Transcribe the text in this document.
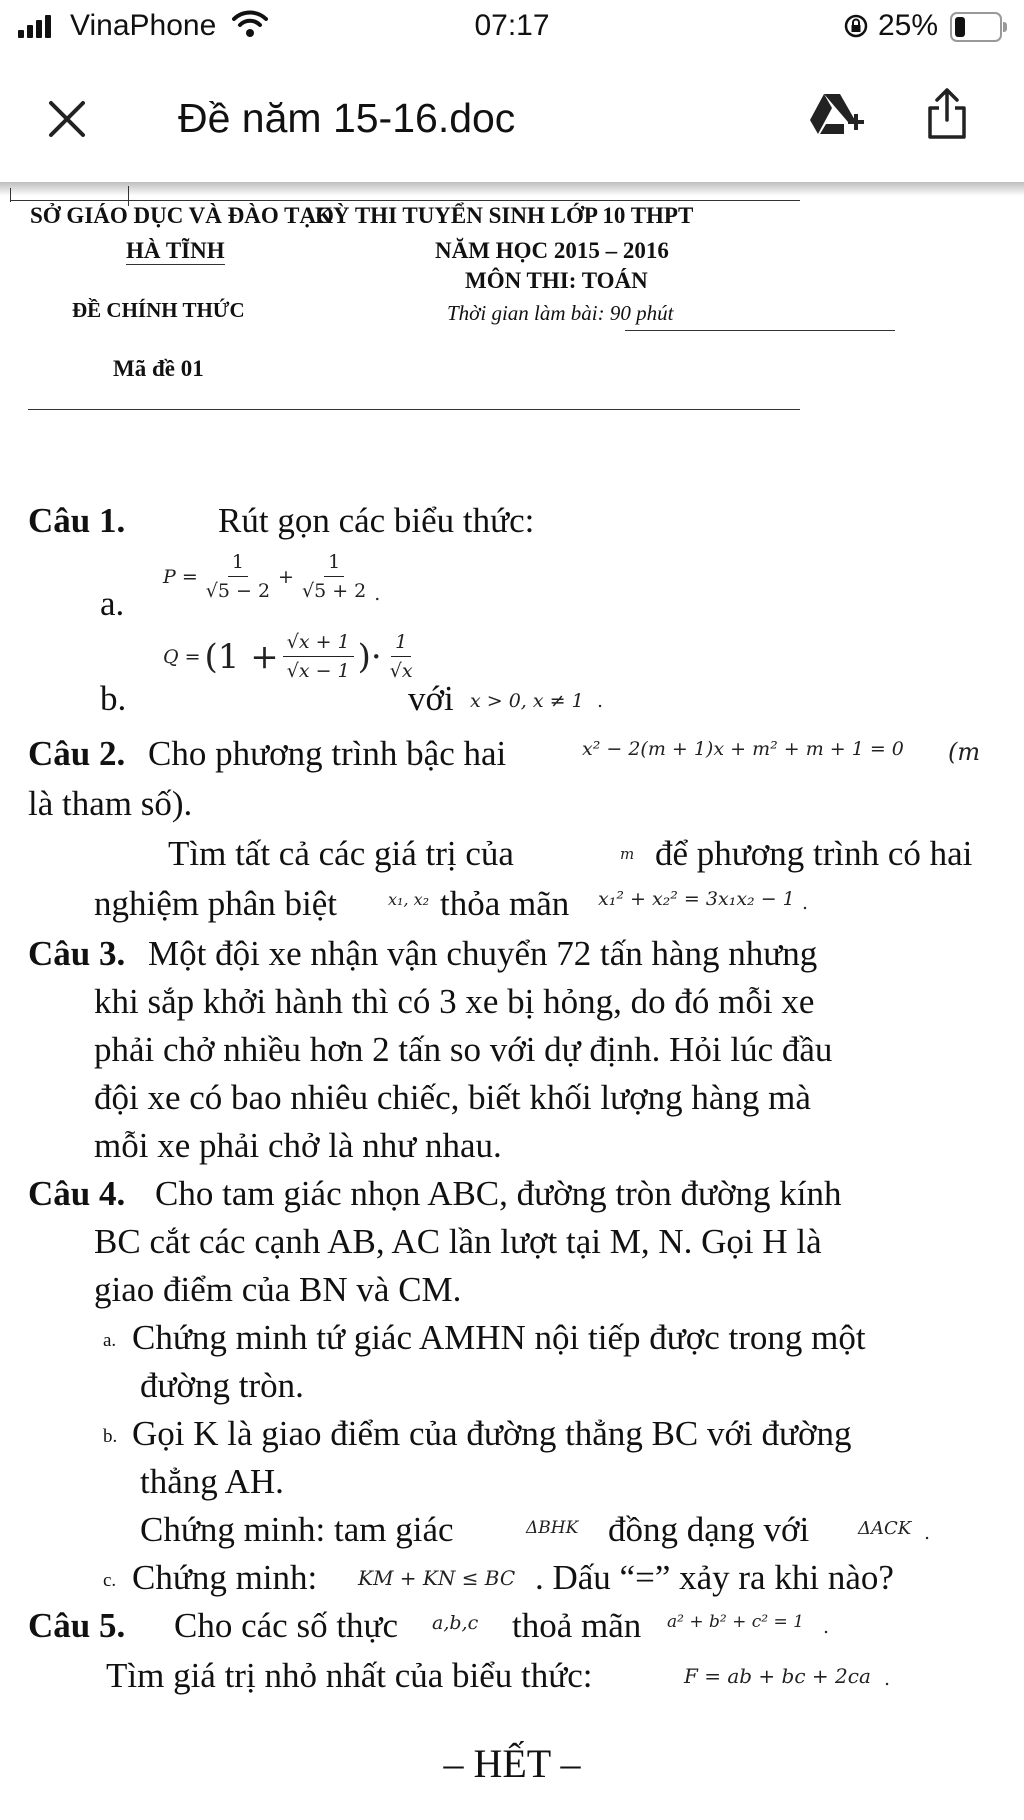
VinaPhone	07:17	25%
Đề năm 15-16.doc
SỞ GIÁO DỤC VÀ ĐÀO TẠO
HÀ TĨNH
ĐỀ CHÍNH THỨC
Mã đề 01
KỲ THI TUYỂN SINH LỚP 10 THPT
NĂM HỌC 2015 – 2016
MÔN THI: TOÁN
Thời gian làm bài: 90 phút
Câu 1.	Rút gọn các biểu thức:
a.
$P = \frac{1}{√5 - 2} + \frac{1}{√5 + 2}$ .
b.
$Q = (1 + \frac{√x + 1}{√x - 1}$ )· $\frac{1}{√x}$
với x > 0, x ≠ 1 .
Câu 2. Cho phương trình bậc hai	x² − 2(m + 1)x + m² + m + 1 = 0 (m
là tham số).
Tìm tất cả các giá trị của	m để phương trình có hai
nghiệm phân biệt	x₁, x₂ thỏa mãn x₁² + x₂² = 3x₁x₂ − 1 .
Câu 3. Một đội xe nhận vận chuyển 72 tấn hàng nhưng
khi sắp khởi hành thì có 3 xe bị hỏng, do đó mỗi xe
phải chở nhiều hơn 2 tấn so với dự định. Hỏi lúc đầu
đội xe có bao nhiêu chiếc, biết khối lượng hàng mà
mỗi xe phải chở là như nhau.
Câu 4. Cho tam giác nhọn ABC, đường tròn đường kính
BC cắt các cạnh AB, AC lần lượt tại M, N. Gọi H là
giao điểm của BN và CM.
a. Chứng minh tứ giác AMHN nội tiếp được trong một
đường tròn.
b. Gọi K là giao điểm của đường thẳng BC với đường
thẳng AH.
Chứng minh: tam giác	ΔBHK đồng dạng với	ΔACK .
c. Chứng minh: KM + KN ≤ BC . Dấu “=” xảy ra khi nào?
Câu 5. Cho các số thực a,b,c thoả mãn a² + b² + c² = 1 .
Tìm giá trị nhỏ nhất của biểu thức:	F = ab + bc + 2ca .
– HẾT –
